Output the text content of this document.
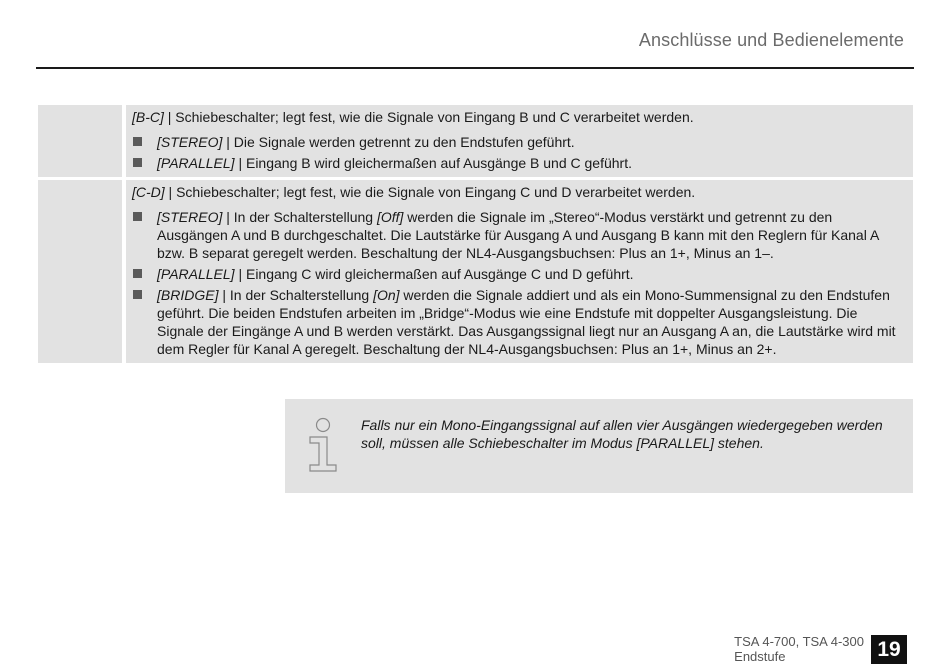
Anschlüsse und Bedienelemente

[B-C] | Schiebeschalter; legt fest, wie die Signale von Eingang B und C verarbeitet werden.

[STEREO] | Die Signale werden getrennt zu den Endstufen geführt.
[PARALLEL] | Eingang B wird gleichermaßen auf Ausgänge B und C geführt.

[C-D] | Schiebeschalter; legt fest, wie die Signale von Eingang C und D verarbeitet werden.

[STEREO] | In der Schalterstellung [Off] werden die Signale im „Stereo“-Modus verstärkt und getrennt zu den Ausgängen A und B durchgeschaltet. Die Lautstärke für Ausgang A und Ausgang B kann mit den Reglern für Kanal A bzw. B separat geregelt werden. Beschaltung der NL4-Ausgangsbuchsen: Plus an 1+, Minus an 1–.
[PARALLEL] | Eingang C wird gleichermaßen auf Ausgänge C und D geführt.
[BRIDGE] | In der Schalterstellung [On] werden die Signale addiert und als ein Mono-Summensignal zu den Endstufen geführt. Die beiden Endstufen arbeiten im „Bridge“-Modus wie eine Endstufe mit doppelter Ausgangsleistung. Die Signale der Eingänge A und B werden verstärkt. Das Ausgangssignal liegt nur an Ausgang A an, die Lautstärke wird mit dem Regler für Kanal A geregelt. Beschaltung der NL4-Ausgangsbuchsen: Plus an 1+, Minus an 2+.
Falls nur ein Mono-Eingangssignal auf allen vier Ausgängen wiedergegeben werden soll, müssen alle Schiebeschalter im Modus [PARALLEL] stehen.
TSA 4-700, TSA 4-300
Endstufe	19
